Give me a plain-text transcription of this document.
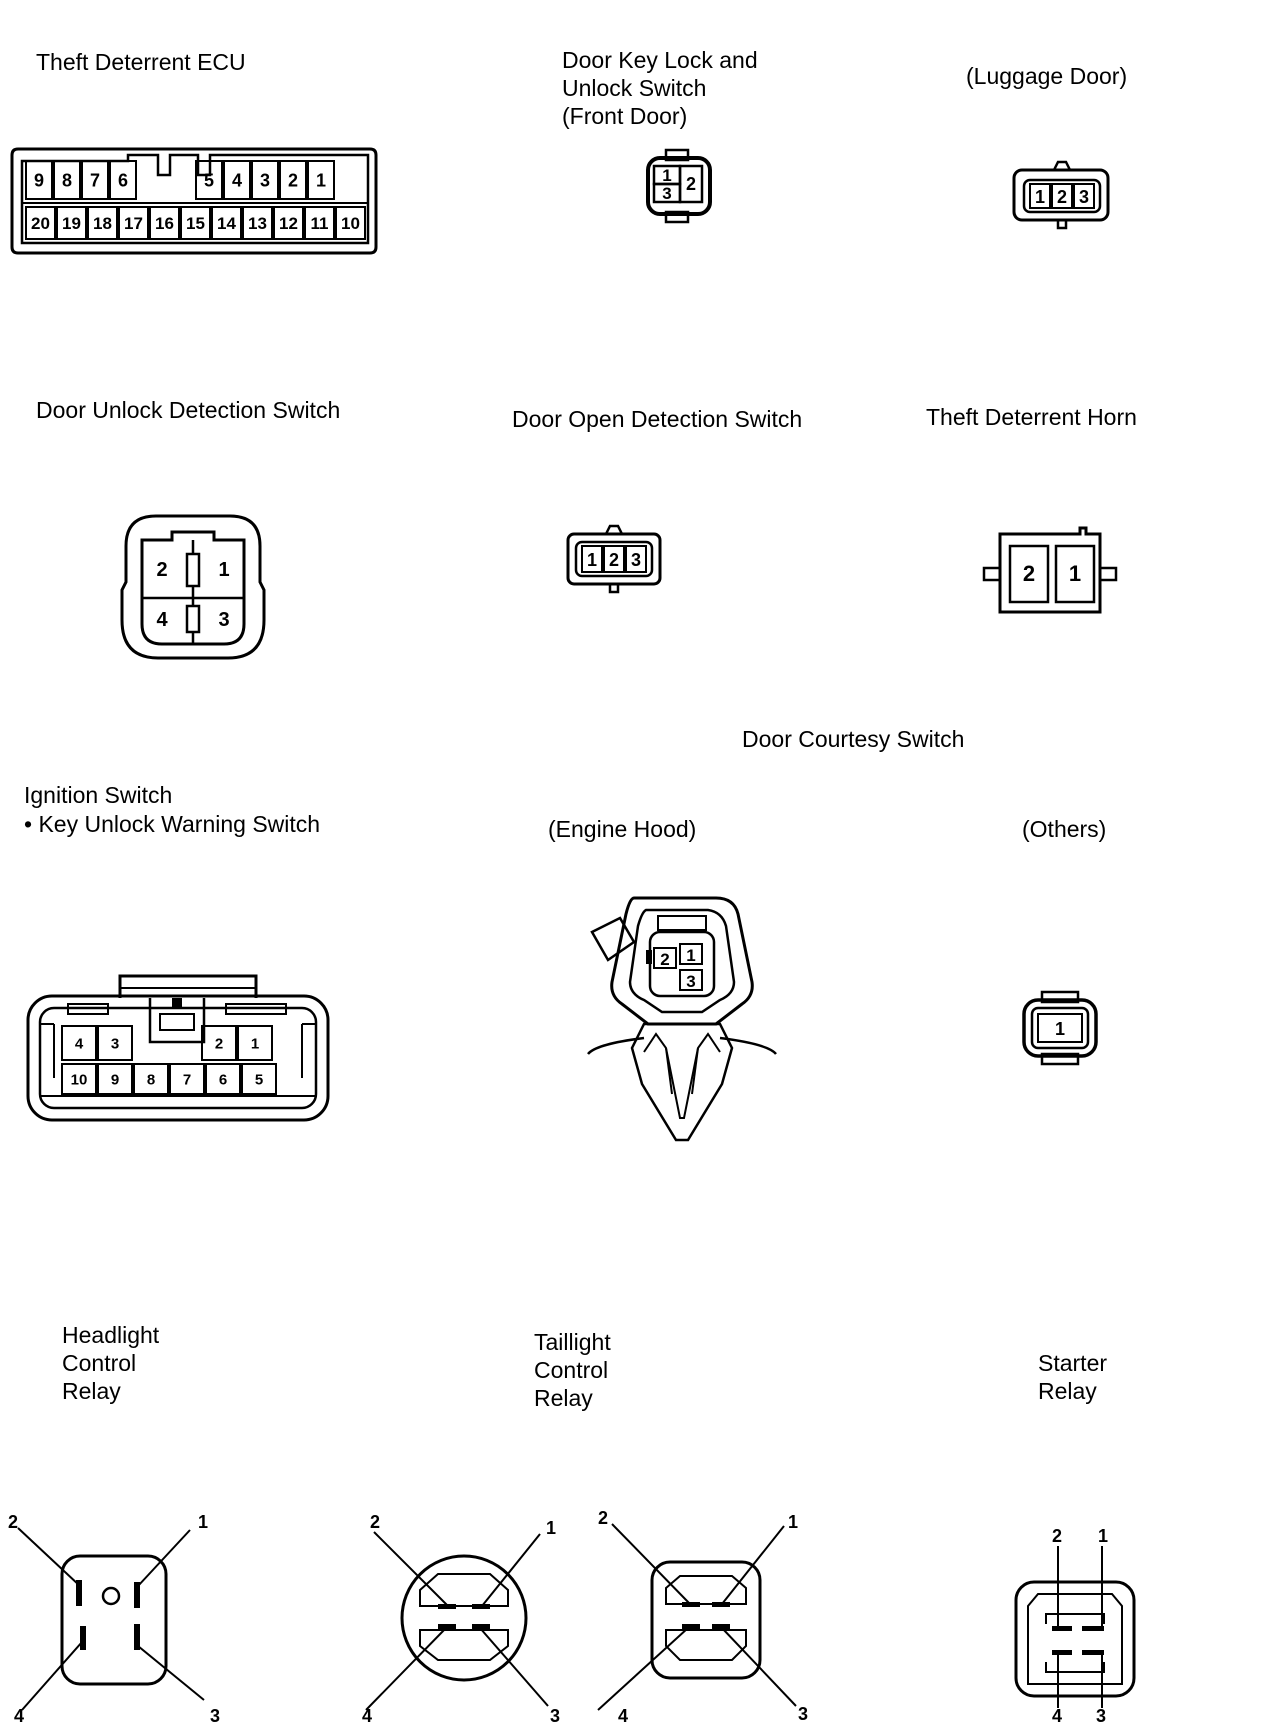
Theft Deterrent ECU	Door Key Lock and
Unlock Switch
(Front Door)
(Luggage Door)
Door Unlock Detection Switch	Door Open Detection Switch	Theft Deterrent Horn
Door Courtesy Switch
Ignition Switch
• Key Unlock Warning Switch	(Engine Hood)	(Others)
Headlight
Control
Relay
Taillight
Control
Relay
Starter
Relay
9 8 7 6	5 4 3 2 1
20 19 18 17 16 15 14 13 12 11 10
1
3 2
1 2 3
2	1
4	3
1 2 3
2 1
4 3	2 1
10 9 8 7 6 5
2 1
3
1
2	1
4	3
2	1
4	3
2	1
4	3
2 1
4 3
